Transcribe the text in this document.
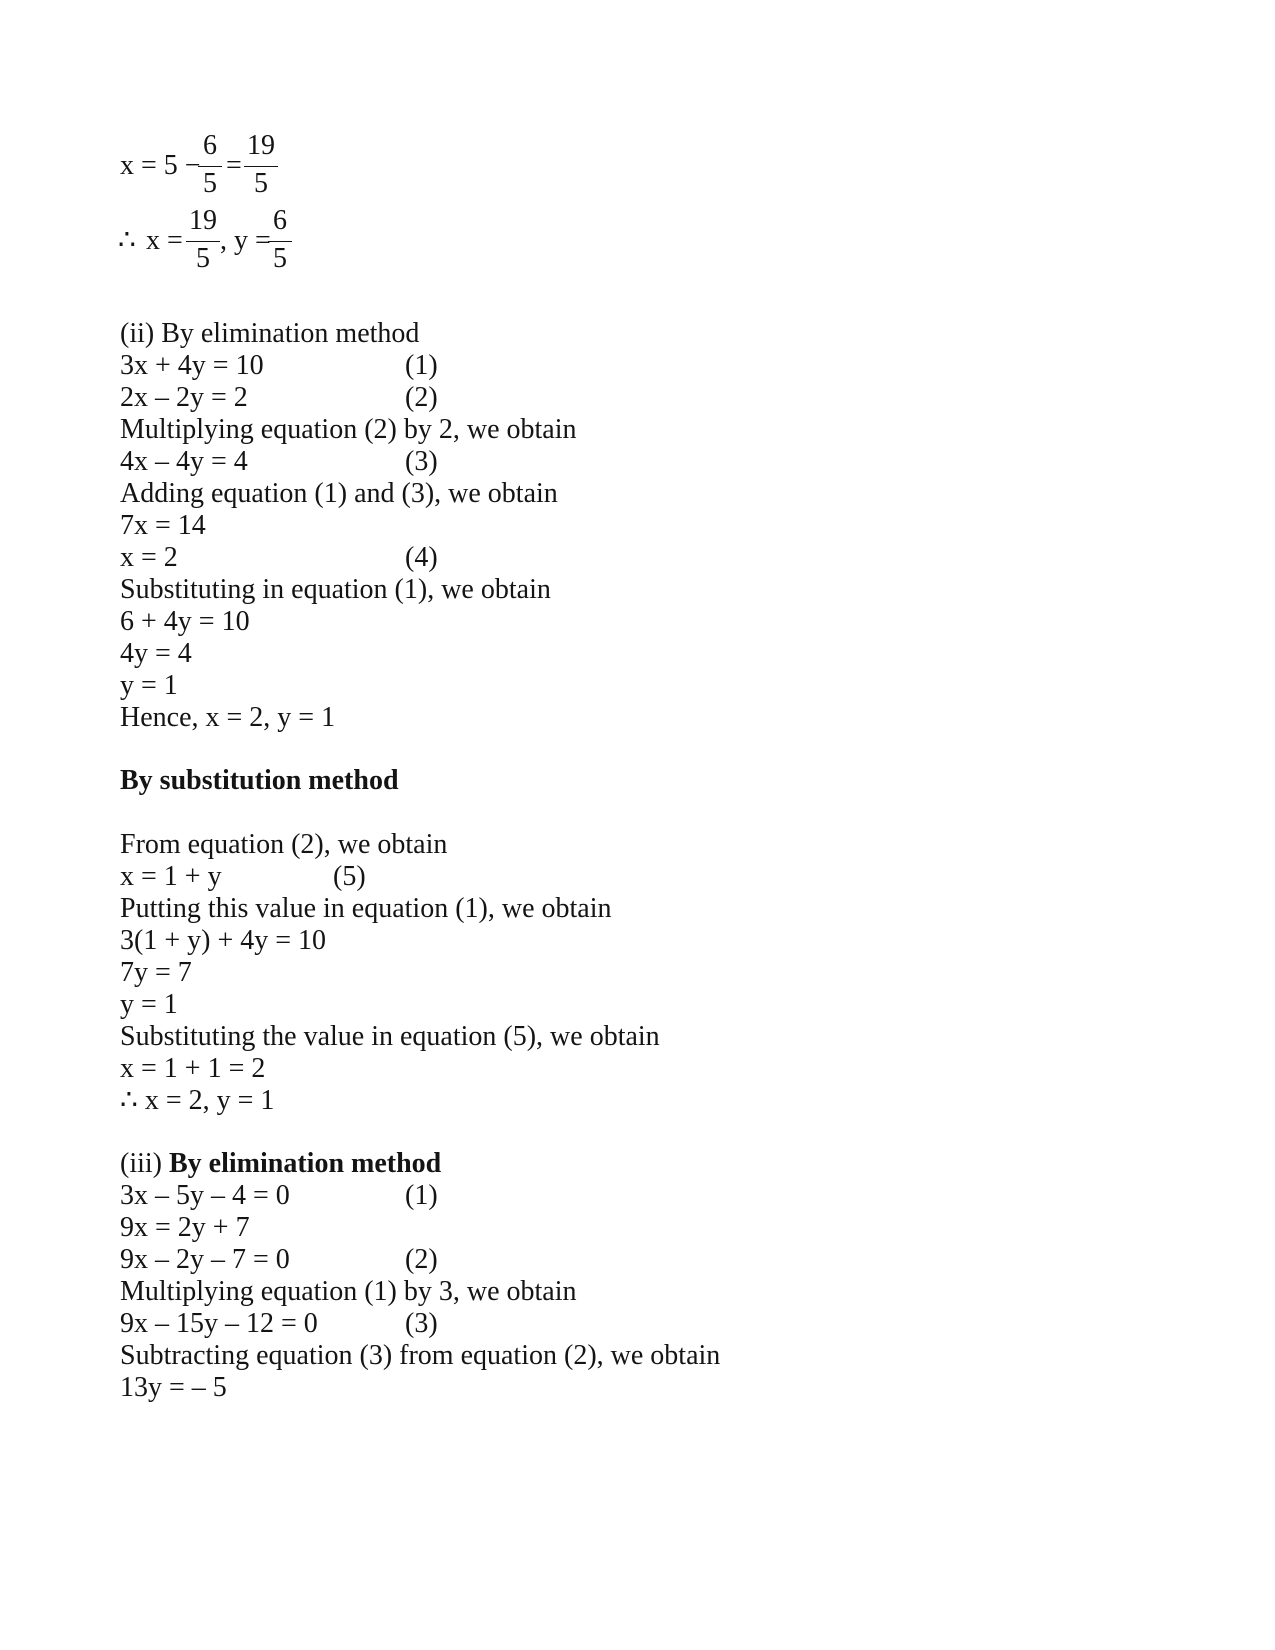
x = 5 −
6
5
=
19
5
∴ x =
19
5
, y =
6
5
(ii) By elimination method
3x + 4y = 10	(1)
2x – 2y = 2	(2)
Multiplying equation (2) by 2, we obtain
4x – 4y = 4	(3)
Adding equation (1) and (3), we obtain
7x = 14
x = 2	(4)
Substituting in equation (1), we obtain
6 + 4y = 10
4y = 4
y = 1
Hence, x = 2, y = 1
By substitution method
From equation (2), we obtain
x = 1 + y	(5)
Putting this value in equation (1), we obtain
3(1 + y) + 4y = 10
7y = 7
y = 1
Substituting the value in equation (5), we obtain
x = 1 + 1 = 2
∴ x = 2, y = 1
(iii) By elimination method
3x – 5y – 4 = 0	(1)
9x = 2y + 7
9x – 2y – 7 = 0	(2)
Multiplying equation (1) by 3, we obtain
9x – 15y – 12 = 0	(3)
Subtracting equation (3) from equation (2), we obtain
13y = – 5
